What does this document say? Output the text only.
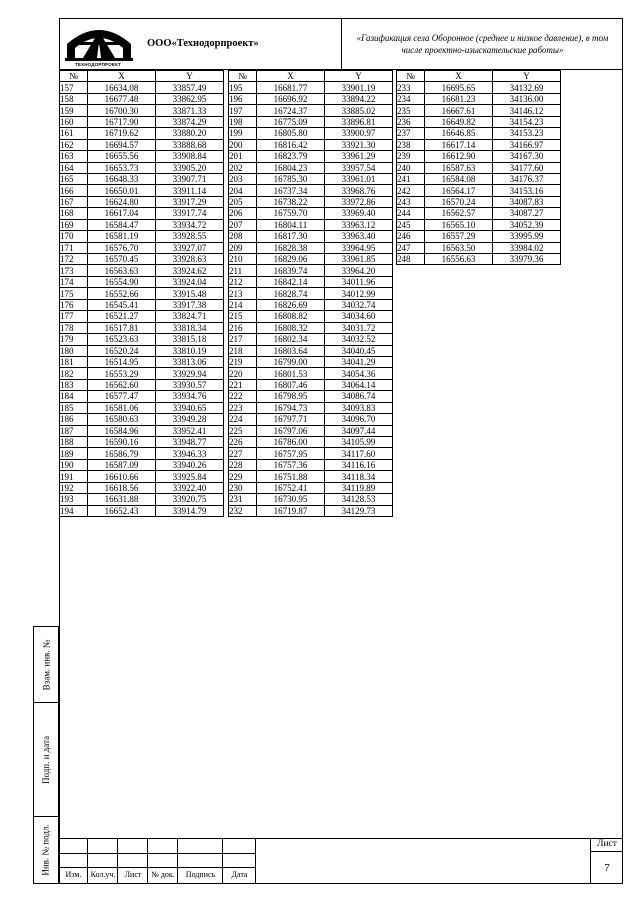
ТЕХНОДОРПРОЕКТ
ООО«Технодорпроект»
«Газификация села Оборонное (среднее и низкое давление), в том числе проектно-изыскательские работы»
№	X	Y
157	16634.08	33857.49
158	16677.48	33862.95
159	16700.30	33871.33
160	16717.90	33874.29
161	16719.62	33880.20
162	16694.57	33888.68
163	16655.56	33908.84
164	16653.73	33905.20
165	16648.33	33907.71
166	16650.01	33911.14
167	16624.80	33917.29
168	16617.04	33917.74
169	16584.47	33934.72
170	16581.19	33928.55
171	16576.70	33927.07
172	16570.45	33928.63
173	16563.63	33924.62
174	16554.90	33924.04
175	16552.66	33915.48
176	16545.41	33917.38
177	16521.27	33824.71
178	16517.81	33818.34
179	16523.63	33815.18
180	16520.24	33810.19
181	16514.95	33813.06
182	16553.29	33929.94
183	16562.60	33930.57
184	16577.47	33934.76
185	16581.06	33940.65
186	16580.63	33949.28
187	16584.96	33952.41
188	16590.16	33948.77
189	16586.79	33946.33
190	16587.09	33940.26
191	16610.66	33925.84
192	16618.56	33922.40
193	16631.88	33920.75
194	16652.43	33914.79
№	X	Y
195	16681.77	33901.19
196	16696.92	33894.22
197	16724.37	33885.02
198	16775.09	33896.81
199	16805.80	33900.97
200	16816.42	33921.30
201	16823.79	33961.29
202	16804.23	33957.54
203	16785.30	33961.01
204	16737.34	33968.76
205	16738.22	33972.86
206	16759.70	33969.40
207	16804.11	33963.12
208	16817.30	33963.40
209	16828.38	33964.95
210	16829.06	33961.85
211	16839.74	33964.20
212	16842.14	34011.96
213	16828.74	34012.99
214	16826.69	34032.74
215	16808.82	34034.60
216	16808.32	34031.72
217	16802.34	34032.52
218	16803.64	34040.45
219	16799.00	34041.29
220	16801.53	34054.36
221	16807.46	34064.14
222	16798.95	34086.74
223	16794.73	34093.83
224	16797.71	34096.70
225	16797.06	34097.44
226	16786.00	34105.99
227	16757.95	34117.60
228	16757.36	34116.16
229	16751.88	34118.34
230	16752.41	34119.89
231	16730.95	34128.53
232	16719.87	34129.73
№	X	Y
233	16695.65	34132.69
234	16681.23	34136.00
235	16667.61	34146.12
236	16649.82	34154.23
237	16646.85	34153.23
238	16617.14	34166.97
239	16612.90	34167.30
240	16587.63	34177.60
241	16584.08	34176.37
242	16564.17	34153.16
243	16570.24	34087.83
244	16562.57	34087.27
245	16565.10	34052.39
246	16557.29	33995.99
247	16563.50	33984.02
248	16556.63	33979.36
Взам. инв. №
Подп. и дата
Инв. № подл.	Изм.	Кол.уч.	Лист	№ док.	Подпись	Дата
Лист
7
